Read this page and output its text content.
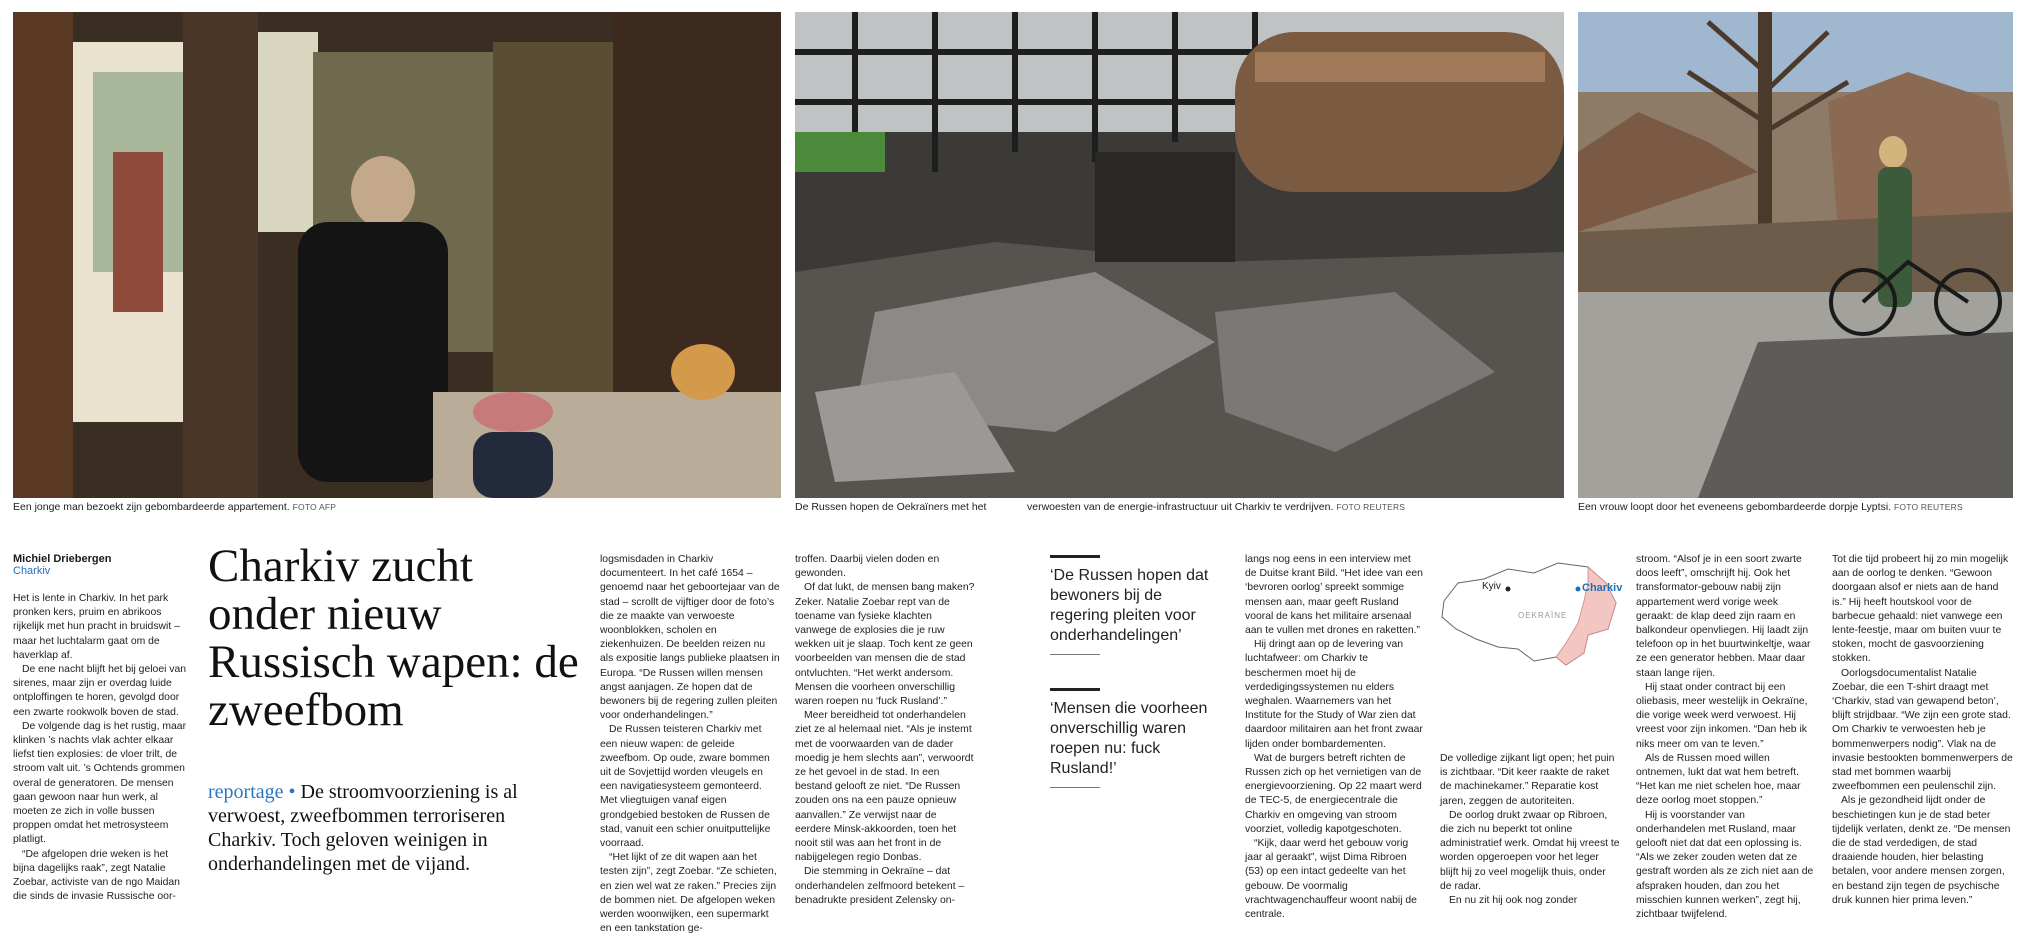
Een jonge man bezoekt zijn gebombardeerde appartement. FOTO AFP	De Russen hopen de Oekraïners met het	verwoesten van de energie-infrastructuur uit Charkiv te verdrijven. FOTO REUTERS	Een vrouw loopt door het eveneens gebombardeerde dorpje Lyptsi. FOTO REUTERS
Michiel Driebergen
Charkiv

Het is lente in Charkiv. In het park pronken kers, pruim en abrikoos rijkelijk met hun pracht in bruidswit – maar het luchtalarm gaat om de haverklap af.

De ene nacht blijft het bij geloei van sirenes, maar zijn er overdag luide ontploffingen te horen, gevolgd door een zwarte rookwolk boven de stad.

De volgende dag is het rustig, maar klinken ’s nachts vlak achter elkaar liefst tien explosies: de vloer trilt, de stroom valt uit. ’s Ochtends grommen overal de generatoren. De mensen gaan gewoon naar hun werk, al moeten ze zich in volle bussen proppen omdat het metrosysteem platligt.

“De afgelopen drie weken is het bijna dagelijks raak”, zegt Natalie Zoebar, activiste van de ngo Maidan die sinds de invasie Russische oor-

Charkiv zucht onder nieuw Russisch wapen: de zweefbom
reportage • De stroomvoorziening is al verwoest, zweefbommen terroriseren Charkiv. Toch geloven weinigen in onderhandelingen met de vijand.

logsmisdaden in Charkiv documenteert. In het café 1654 – genoemd naar het geboortejaar van de stad – scrollt de vijftiger door de foto’s die ze maakte van verwoeste woonblokken, scholen en ziekenhuizen. De beelden reizen nu als expositie langs publieke plaatsen in Europa. “De Russen willen mensen angst aanjagen. Ze hopen dat de bewoners bij de regering zullen pleiten voor onderhandelingen.”

De Russen teisteren Charkiv met een nieuw wapen: de geleide zweefbom. Op oude, zware bommen uit de Sovjettijd worden vleugels en een navigatiesysteem gemonteerd. Met vliegtuigen vanaf eigen grondgebied bestoken de Russen de stad, vanuit een schier onuitputtelijke voorraad.

“Het lijkt of ze dit wapen aan het testen zijn”, zegt Zoebar. “Ze schieten, en zien wel wat ze raken.” Precies zijn de bommen niet. De afgelopen weken werden woonwijken, een supermarkt en een tankstation ge-

troffen. Daarbij vielen doden en gewonden.

Of dat lukt, de mensen bang maken? Zeker. Natalie Zoebar rept van de toename van fysieke klachten vanwege de explosies die je ruw wekken uit je slaap. Toch kent ze geen voorbeelden van mensen die de stad ontvluchten. “Het werkt andersom. Mensen die voorheen onverschillig waren roepen nu ‘fuck Rusland’.”

Meer bereidheid tot onderhandelen ziet ze al helemaal niet. “Als je instemt met de voorwaarden van de dader moedig je hem slechts aan”, verwoordt ze het gevoel in de stad. In een bestand gelooft ze niet. “De Russen zouden ons na een pauze opnieuw aanvallen.” Ze verwijst naar de eerdere Minsk-akkoorden, toen het nooit stil was aan het front in de nabijgelegen regio Donbas.

Die stemming in Oekraïne – dat onderhandelen zelfmoord betekent – benadrukte president Zelensky on-

‘De Russen hopen dat bewoners bij de regering pleiten voor onderhandelingen’
‘Mensen die voorheen onverschillig waren roepen nu: fuck Rusland!’

langs nog eens in een interview met de Duitse krant Bild. “Het idee van een ‘bevroren oorlog’ spreekt sommige mensen aan, maar geeft Rusland vooral de kans het militaire arsenaal aan te vullen met drones en raketten.”

Hij dringt aan op de levering van luchtafweer: om Charkiv te beschermen moet hij de verdedigingssystemen nu elders weghalen. Waarnemers van het Institute for the Study of War zien dat daardoor militairen aan het front zwaar lijden onder bombardementen.

Wat de burgers betreft richten de Russen zich op het vernietigen van de energievoorziening. Op 22 maart werd de TEC-5, de energiecentrale die Charkiv en omgeving van stroom voorziet, volledig kapotgeschoten.

“Kijk, daar werd het gebouw vorig jaar al geraakt”, wijst Dima Ribroen (53) op een intact gedeelte van het gebouw. De voormalig vrachtwagenchauffeur woont nabij de centrale.

Kyiv	Charkiv
OEKRAÏNE

De volledige zijkant ligt open; het puin is zichtbaar. “Dit keer raakte de raket de machinekamer.” Reparatie kost jaren, zeggen de autoriteiten.

De oorlog drukt zwaar op Ribroen, die zich nu beperkt tot online administratief werk. Omdat hij vreest te worden opgeroepen voor het leger blijft hij zo veel mogelijk thuis, onder de radar.

En nu zit hij ook nog zonder

stroom. “Alsof je in een soort zwarte doos leeft”, omschrijft hij. Ook het transformator-gebouw nabij zijn appartement werd vorige week geraakt: de klap deed zijn raam en balkondeur openvliegen. Hij laadt zijn telefoon op in het buurtwinkeltje, waar ze een generator hebben. Maar daar staan lange rijen.

Hij staat onder contract bij een oliebasis, meer westelijk in Oekraïne, die vorige week werd verwoest. Hij vreest voor zijn inkomen. “Dan heb ik niks meer om van te leven.”

Als de Russen moed willen ontnemen, lukt dat wat hem betreft. “Het kan me niet schelen hoe, maar deze oorlog moet stoppen.”

Hij is voorstander van onderhandelen met Rusland, maar gelooft niet dat dat een oplossing is. “Als we zeker zouden weten dat ze gestraft worden als ze zich niet aan de afspraken houden, dan zou het misschien kunnen werken”, zegt hij, zichtbaar twijfelend.

Tot die tijd probeert hij zo min mogelijk aan de oorlog te denken. “Gewoon doorgaan alsof er niets aan de hand is.” Hij heeft houtskool voor de barbecue gehaald: niet vanwege een lente-feestje, maar om buiten vuur te stoken, mocht de gasvoorziening stokken.

Oorlogsdocumentalist Natalie Zoebar, die een T-shirt draagt met ‘Charkiv, stad van gewapend beton’, blijft strijdbaar. “We zijn een grote stad. Om Charkiv te verwoesten heb je bommenwerpers nodig”. Vlak na de invasie bestookten bommenwerpers de stad met bommen waarbij zweefbommen een peulenschil zijn.

Als je gezondheid lijdt onder de beschietingen kun je de stad beter tijdelijk verlaten, denkt ze. “De mensen die de stad verdedigen, de stad draaiende houden, hier belasting betalen, voor andere mensen zorgen, en bestand zijn tegen de psychische druk kunnen hier prima leven.”
